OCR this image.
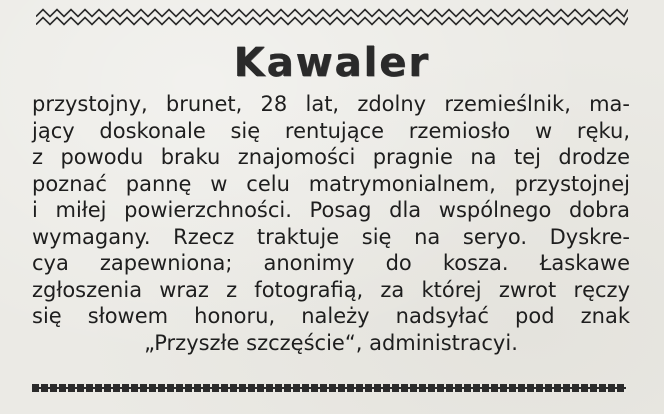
Kawaler
przystojny, brunet, 28 lat, zdolny rzemieślnik, ma-
jący doskonale się rentujące rzemiosło w ręku,
z powodu braku znajomości pragnie na tej drodze
poznać pannę w celu matrymonialnem, przystojnej
i miłej powierzchności. Posag dla wspólnego dobra
wymagany. Rzecz traktuje się na seryo. Dyskre-
cya zapewniona; anonimy do kosza. Łaskawe
zgłoszenia wraz z fotografią, za której zwrot ręczy
się słowem honoru, należy nadsyłać pod znak
„Przyszłe szczęście“, administracyi.
